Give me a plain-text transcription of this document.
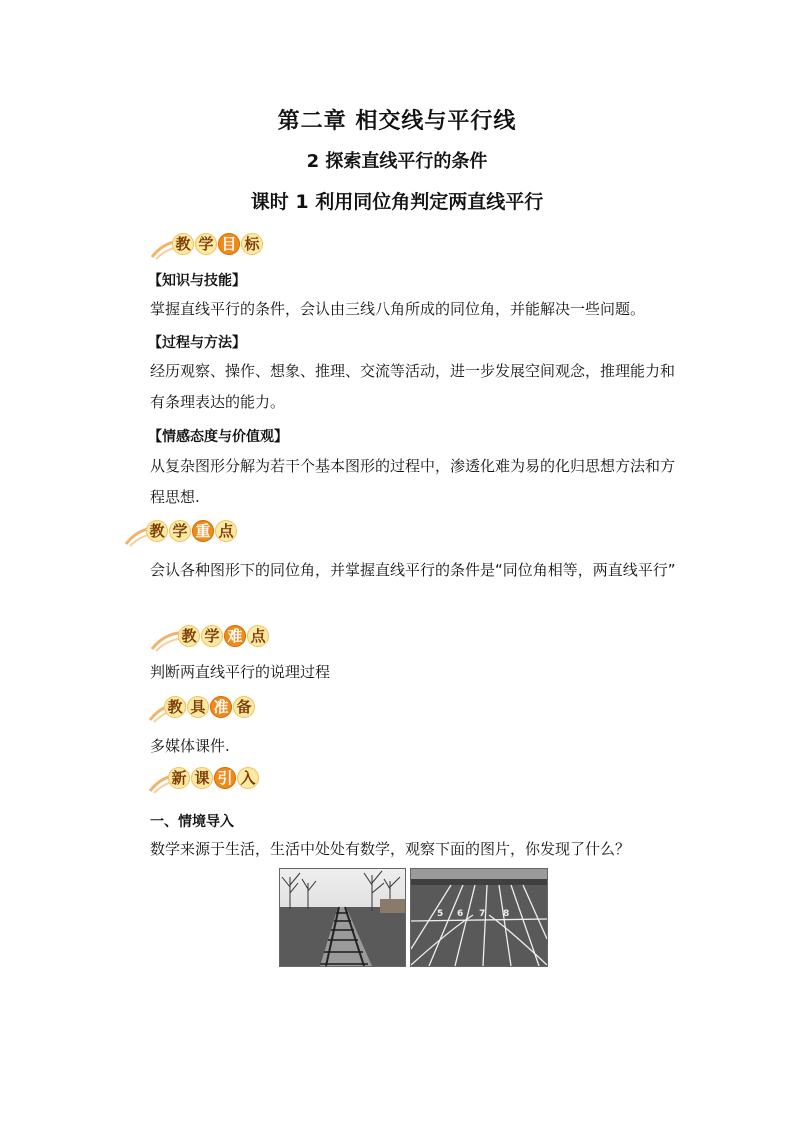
第二章 相交线与平行线
2 探索直线平行的条件
课时 1 利用同位角判定两直线平行
教 学 目 标
【知识与技能】
掌握直线平行的条件，会认由三线八角所成的同位角，并能解决一些问题。
【过程与方法】
经历观察、操作、想象、推理、交流等活动，进一步发展空间观念，推理能力和有条理表达的能力。
【情感态度与价值观】
从复杂图形分解为若干个基本图形的过程中，渗透化难为易的化归思想方法和方程思想.
教 学 重 点
会认各种图形下的同位角，并掌握直线平行的条件是“同位角相等，两直线平行”
教 学 难 点
判断两直线平行的说理过程
教 具 准 备
多媒体课件.
新 课 引 入
一、情境导入
数学来源于生活，生活中处处有数学，观察下面的图片，你发现了什么？
5 6 7 8
